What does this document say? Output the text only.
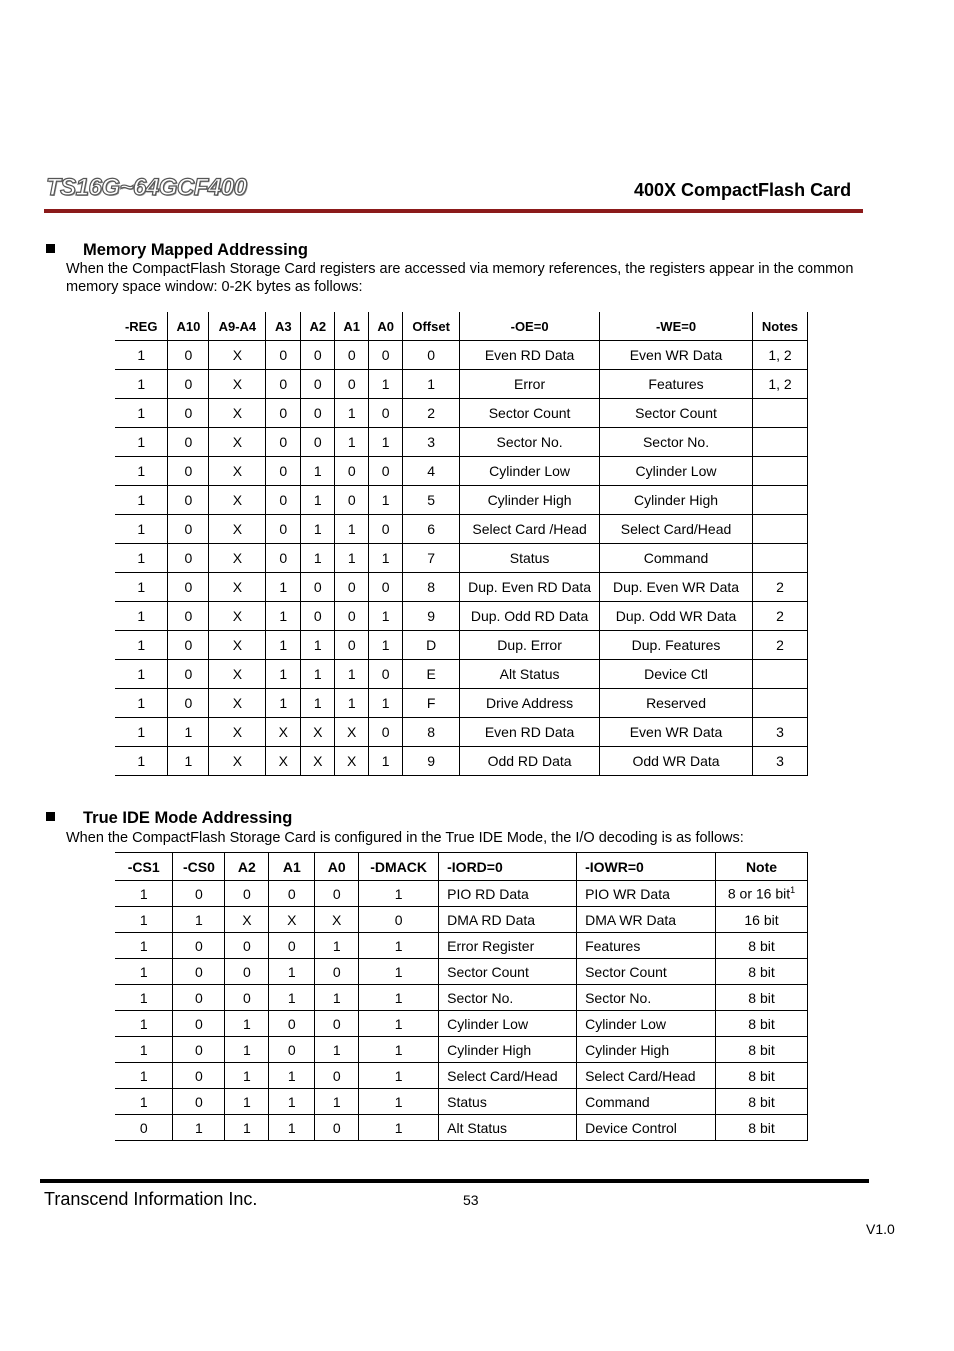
TS16G~64GCF400	400X CompactFlash Card
Memory Mapped Addressing
When the CompactFlash Storage Card registers are accessed via memory references, the registers appear in the common memory space window: 0-2K bytes as follows:
-REG	A10	A9-A4	A3	A2	A1	A0	Offset	-OE=0	-WE=0	Notes
1	0	X	0	0	0	0	0	Even RD Data	Even WR Data	1, 2
1	0	X	0	0	0	1	1	Error	Features	1, 2
1	0	X	0	0	1	0	2	Sector Count	Sector Count	
1	0	X	0	0	1	1	3	Sector No.	Sector No.	
1	0	X	0	1	0	0	4	Cylinder Low	Cylinder Low	
1	0	X	0	1	0	1	5	Cylinder High	Cylinder High	
1	0	X	0	1	1	0	6	Select Card /Head	Select Card/Head	
1	0	X	0	1	1	1	7	Status	Command	
1	0	X	1	0	0	0	8	Dup. Even RD Data	Dup. Even WR Data	2
1	0	X	1	0	0	1	9	Dup. Odd RD Data	Dup. Odd WR Data	2
1	0	X	1	1	0	1	D	Dup. Error	Dup. Features	2
1	0	X	1	1	1	0	E	Alt Status	Device Ctl	
1	0	X	1	1	1	1	F	Drive Address	Reserved	
1	1	X	X	X	X	0	8	Even RD Data	Even WR Data	3
1	1	X	X	X	X	1	9	Odd RD Data	Odd WR Data	3
True IDE Mode Addressing
When the CompactFlash Storage Card is configured in the True IDE Mode, the I/O decoding is as follows:
-CS1	-CS0	A2	A1	A0	-DMACK	-IORD=0	-IOWR=0	Note
1	0	0	0	0	1	PIO RD Data	PIO WR Data	8 or 16 bit$^1$
1	1	X	X	X	0	DMA RD Data	DMA WR Data	16 bit
1	0	0	0	1	1	Error Register	Features	8 bit
1	0	0	1	0	1	Sector Count	Sector Count	8 bit
1	0	0	1	1	1	Sector No.	Sector No.	8 bit
1	0	1	0	0	1	Cylinder Low	Cylinder Low	8 bit
1	0	1	0	1	1	Cylinder High	Cylinder High	8 bit
1	0	1	1	0	1	Select Card/Head	Select Card/Head	8 bit
1	0	1	1	1	1	Status	Command	8 bit
0	1	1	1	0	1	Alt Status	Device Control	8 bit
Transcend Information Inc.	53
V1.0
